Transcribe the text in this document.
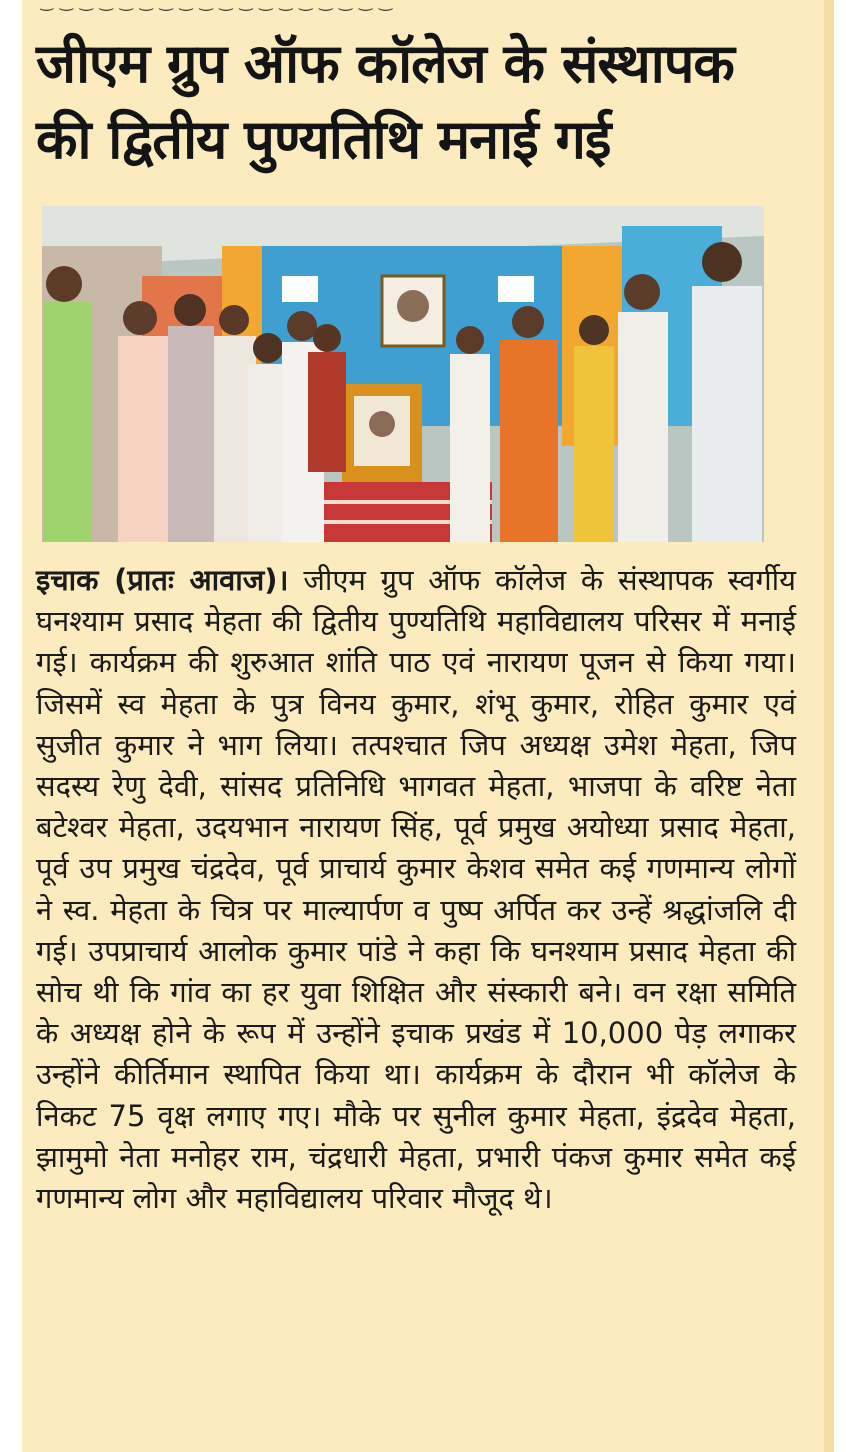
‿ ‿ ‿ ‿ ‿ ‿ ‿ ‿ ‿ ‿ ‿ ‿ ‿ ‿ ‿ ‿ ‿ ‿
जीएम ग्रुप ऑफ कॉलेज के संस्थापक
की द्वितीय पुण्यतिथि मनाई गई
इचाक (प्रातः आवाज)। जीएम ग्रुप ऑफ कॉलेज के संस्थापक स्वर्गीय घनश्याम प्रसाद मेहता की द्वितीय पुण्यतिथि महाविद्यालय परिसर में मनाई गई। कार्यक्रम की शुरुआत शांति पाठ एवं नारायण पूजन से किया गया। जिसमें स्व मेहता के पुत्र विनय कुमार, शंभू कुमार, रोहित कुमार एवं सुजीत कुमार ने भाग लिया। तत्पश्चात जिप अध्यक्ष उमेश मेहता, जिप सदस्य रेणु देवी, सांसद प्रतिनिधि भागवत मेहता, भाजपा के वरिष्ट नेता बटेश्वर मेहता, उदयभान नारायण सिंह, पूर्व प्रमुख अयोध्या प्रसाद मेहता, पूर्व उप प्रमुख चंद्रदेव, पूर्व प्राचार्य कुमार केशव समेत कई गणमान्य लोगों ने स्व. मेहता के चित्र पर माल्यार्पण व पुष्प अर्पित कर उन्हें श्रद्धांजलि दी गई। उपप्राचार्य आलोक कुमार पांडे ने कहा कि घनश्याम प्रसाद मेहता की सोच थी कि गांव का हर युवा शिक्षित और संस्कारी बने। वन रक्षा समिति के अध्यक्ष होने के रूप में उन्होंने इचाक प्रखंड में 10,000 पेड़ लगाकर उन्होंने कीर्तिमान स्थापित किया था। कार्यक्रम के दौरान भी कॉलेज के निकट 75 वृक्ष लगाए गए। मौके पर सुनील कुमार मेहता, इंद्रदेव मेहता, झामुमो नेता मनोहर राम, चंद्रधारी मेहता, प्रभारी पंकज कुमार समेत कई गणमान्य लोग और महाविद्यालय परिवार मौजूद थे।
